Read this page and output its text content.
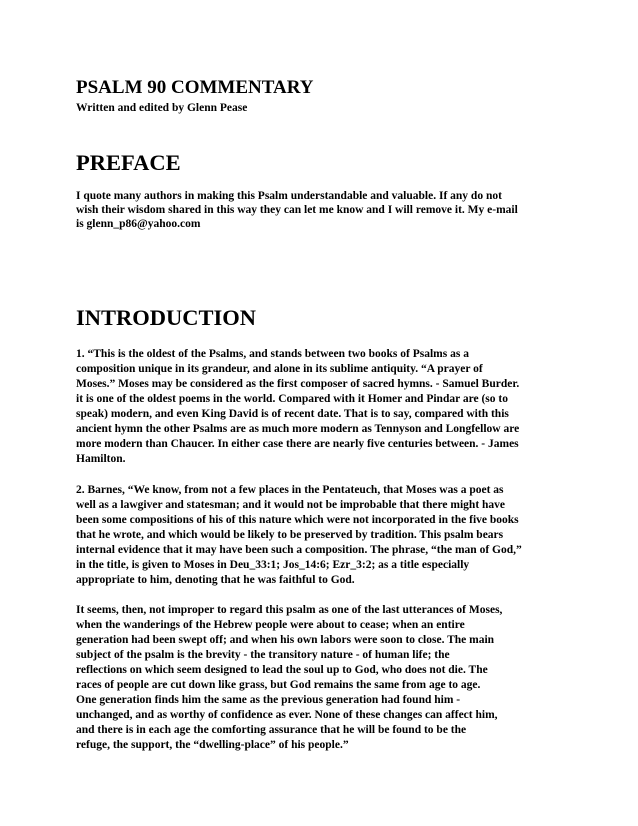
PSALM 90 COMMENTARY
Written and edited by Glenn Pease
PREFACE
I quote many authors in making this Psalm understandable and valuable. If any do not
wish their wisdom shared in this way they can let me know and I will remove it. My e-mail
is glenn_p86@yahoo.com
INTRODUCTION
1. “This is the oldest of the Psalms, and stands between two books of Psalms as a
composition unique in its grandeur, and alone in its sublime antiquity. “A prayer of
Moses.” Moses may be considered as the first composer of sacred hymns. - Samuel Burder.
it is one of the oldest poems in the world. Compared with it Homer and Pindar are (so to
speak) modern, and even King David is of recent date. That is to say, compared with this
ancient hymn the other Psalms are as much more modern as Tennyson and Longfellow are
more modern than Chaucer. In either case there are nearly five centuries between. - James
Hamilton.
2. Barnes, “We know, from not a few places in the Pentateuch, that Moses was a poet as
well as a lawgiver and statesman; and it would not be improbable that there might have
been some compositions of his of this nature which were not incorporated in the five books
that he wrote, and which would be likely to be preserved by tradition. This psalm bears
internal evidence that it may have been such a composition. The phrase, “the man of God,”
in the title, is given to Moses in Deu_33:1; Jos_14:6; Ezr_3:2; as a title especially
appropriate to him, denoting that he was faithful to God.
It seems, then, not improper to regard this psalm as one of the last utterances of Moses,
when the wanderings of the Hebrew people were about to cease; when an entire
generation had been swept off; and when his own labors were soon to close. The main
subject of the psalm is the brevity - the transitory nature - of human life; the
reflections on which seem designed to lead the soul up to God, who does not die. The
races of people are cut down like grass, but God remains the same from age to age.
One generation finds him the same as the previous generation had found him -
unchanged, and as worthy of confidence as ever. None of these changes can affect him,
and there is in each age the comforting assurance that he will be found to be the
refuge, the support, the “dwelling-place” of his people.”
